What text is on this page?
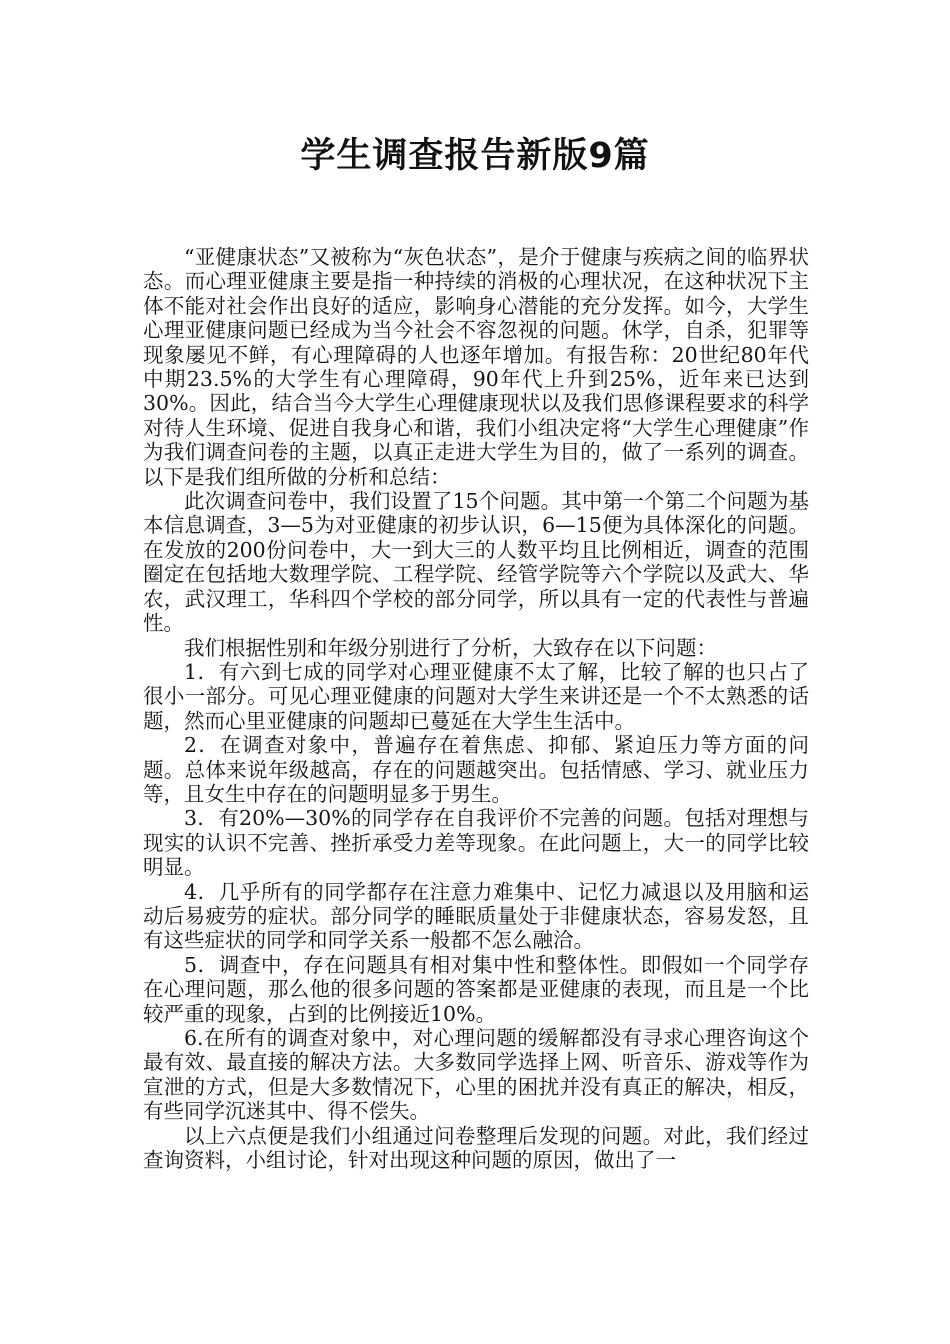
学生调查报告新版9篇

“亚健康状态”又被称为“灰色状态”，是介于健康与疾病之间的临界状态。而心理亚健康主要是指一种持续的消极的心理状况，在这种状况下主体不能对社会作出良好的适应，影响身心潜能的充分发挥。如今，大学生心理亚健康问题已经成为当今社会不容忽视的问题。休学，自杀，犯罪等现象屡见不鲜，有心理障碍的人也逐年增加。有报告称：20世纪80年代中期23.5%的大学生有心理障碍，90年代上升到25%，近年来已达到30%。因此，结合当今大学生心理健康现状以及我们思修课程要求的科学对待人生环境、促进自我身心和谐，我们小组决定将“大学生心理健康”作为我们调查问卷的主题，以真正走进大学生为目的，做了一系列的调查。以下是我们组所做的分析和总结：

此次调查问卷中，我们设置了15个问题。其中第一个第二个问题为基本信息调查，3—5为对亚健康的初步认识，6—15便为具体深化的问题。在发放的200份问卷中，大一到大三的人数平均且比例相近，调查的范围圈定在包括地大数理学院、工程学院、经管学院等六个学院以及武大、华农，武汉理工，华科四个学校的部分同学，所以具有一定的代表性与普遍性。

我们根据性别和年级分别进行了分析，大致存在以下问题：

1．有六到七成的同学对心理亚健康不太了解，比较了解的也只占了很小一部分。可见心理亚健康的问题对大学生来讲还是一个不太熟悉的话题，然而心里亚健康的问题却已蔓延在大学生生活中。

2．在调查对象中，普遍存在着焦虑、抑郁、紧迫压力等方面的问题。总体来说年级越高，存在的问题越突出。包括情感、学习、就业压力等，且女生中存在的问题明显多于男生。

3．有20%—30%的同学存在自我评价不完善的问题。包括对理想与现实的认识不完善、挫折承受力差等现象。在此问题上，大一的同学比较明显。

4．几乎所有的同学都存在注意力难集中、记忆力减退以及用脑和运动后易疲劳的症状。部分同学的睡眠质量处于非健康状态，容易发怒，且有这些症状的同学和同学关系一般都不怎么融洽。

5．调查中，存在问题具有相对集中性和整体性。即假如一个同学存在心理问题，那么他的很多问题的答案都是亚健康的表现，而且是一个比较严重的现象，占到的比例接近10%。

6.在所有的调查对象中，对心理问题的缓解都没有寻求心理咨询这个最有效、最直接的解决方法。大多数同学选择上网、听音乐、游戏等作为宣泄的方式，但是大多数情况下，心里的困扰并没有真正的解决，相反，有些同学沉迷其中、得不偿失。

以上六点便是我们小组通过问卷整理后发现的问题。对此，我们经过查询资料，小组讨论，针对出现这种问题的原因，做出了一
